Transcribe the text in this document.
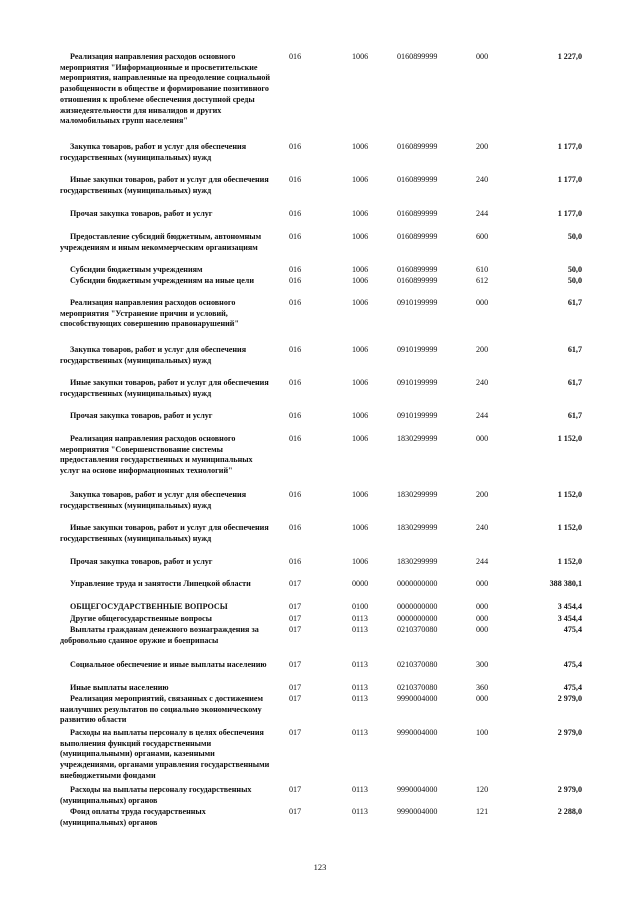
Реализация направления расходов основного мероприятия "Информационные и просветительские мероприятия, направленные на преодоление социальной разобщенности в обществе и формирование позитивного отношения к проблеме обеспечения доступной среды жизнедеятельности для инвалидов и других маломобильных групп населения"
016	1006	0160899999	000	1 227,0
Закупка товаров, работ и услуг для обеспечения государственных (муниципальных) нужд
016	1006	0160899999	200	1 177,0
Иные закупки товаров, работ и услуг для обеспечения государственных (муниципальных) нужд
016	1006	0160899999	240	1 177,0
Прочая закупка товаров, работ и услуг	016	1006	0160899999	244	1 177,0
Предоставление субсидий бюджетным, автономным учреждениям и иным некоммерческим организациям
016	1006	0160899999	600	50,0
Субсидии бюджетным учреждениям	016	1006	0160899999	610	50,0
Субсидии бюджетным учреждениям на иные цели	016	1006	0160899999	612	50,0
Реализация направления расходов основного мероприятия "Устранение причин и условий, способствующих совершению правонарушений"
016	1006	0910199999	000	61,7
Закупка товаров, работ и услуг для обеспечения государственных (муниципальных) нужд
016	1006	0910199999	200	61,7
Иные закупки товаров, работ и услуг для обеспечения государственных (муниципальных) нужд
016	1006	0910199999	240	61,7
Прочая закупка товаров, работ и услуг	016	1006	0910199999	244	61,7
Реализация направления расходов основного мероприятия "Совершенствование системы предоставления государственных и муниципальных услуг на основе информационных технологий"
016	1006	1830299999	000	1 152,0
Закупка товаров, работ и услуг для обеспечения государственных (муниципальных) нужд
016	1006	1830299999	200	1 152,0
Иные закупки товаров, работ и услуг для обеспечения государственных (муниципальных) нужд
016	1006	1830299999	240	1 152,0
Прочая закупка товаров, работ и услуг	016	1006	1830299999	244	1 152,0
Управление труда и занятости Липецкой области	017	0000	0000000000	000	388 380,1
ОБЩЕГОСУДАРСТВЕННЫЕ ВОПРОСЫ	017	0100	0000000000	000	3 454,4
Другие общегосударственные вопросы	017	0113	0000000000	000	3 454,4
Выплаты гражданам денежного вознаграждения за добровольно сданное оружие и боеприпасы
017	0113	0210370080	000	475,4
Социальное обеспечение и иные выплаты населению	017	0113	0210370080	300	475,4
Иные выплаты населению	017	0113	0210370080	360	475,4
Реализация мероприятий, связанных с достижением наилучших результатов по социально экономическому развитию области
017	0113	9990004000	000	2 979,0
Расходы на выплаты персоналу в целях обеспечения выполнения функций государственными (муниципальными) органами, казенными учреждениями, органами управления государственными внебюджетными фондами
017	0113	9990004000	100	2 979,0
Расходы на выплаты персоналу государственных (муниципальных) органов
017	0113	9990004000	120	2 979,0
Фонд оплаты труда государственных (муниципальных) органов
017	0113	9990004000	121	2 288,0
123
